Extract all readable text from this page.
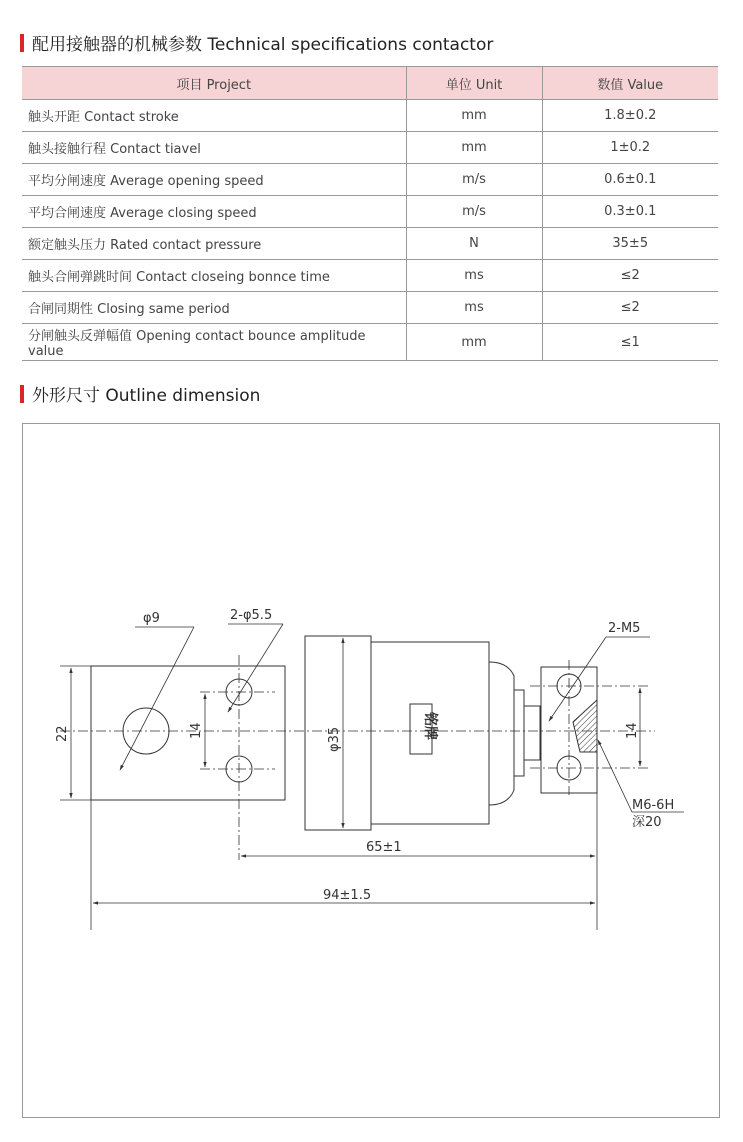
配用接触器的机械参数 Technical specifications contactor
项目 Project	单位 Unit	数值 Value
触头开距 Contact stroke	mm	1.8±0.2
触头接触行程 Contact tiavel	mm	1±0.2
平均分闸速度 Average opening speed	m/s	0.6±0.1
平均合闸速度 Average closing speed	m/s	0.3±0.1
额定触头压力 Rated contact pressure	N	35±5
触头合闸弹跳时间 Contact closeing bonnce time	ms	≤2
合闸同期性 Closing same period	ms	≤2
分闸触头反弹幅值 Opening contact bounce amplitude value	mm	≤1
外形尺寸 Outline dimension
φ9	2-φ5.5
2-M5
22	14	φ35	14
铭牌
M6-6H
深20
65±1
94±1.5
